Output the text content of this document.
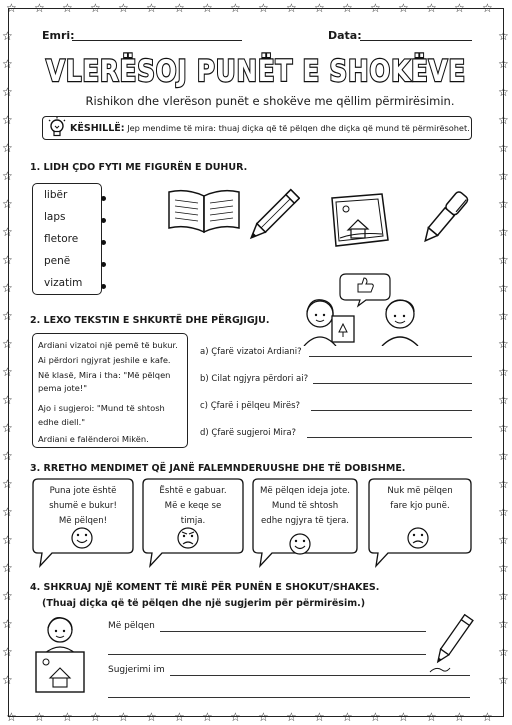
☆
☆
☆
☆
☆
☆
☆
☆
☆
☆
☆
☆
☆
☆
☆
☆
☆
☆
☆
☆
☆
☆
☆
☆
☆
☆
☆
☆
☆
☆
☆
☆
☆
☆
☆
☆
☆	☆
☆	☆
☆	☆
☆	☆
☆	☆
☆	☆
☆	☆
☆	☆
☆	☆
☆	☆
☆	☆
☆	☆
☆	☆
☆	☆
☆	☆
☆	☆
☆	☆
☆	☆
☆	☆
☆	☆
☆	☆
☆	☆
☆	☆
☆	☆
Emri:	Data:
VLERËSOJ PUNËT E SHOKËVE
Rishikon dhe vlerëson punët e shokëve me qëllim përmirësimin.
KËSHILLË: Jep mendime të mira: thuaj diçka që të pëlqen dhe diçka që mund të përmirësohet.
1. LIDH ÇDO FYTI ME FIGURËN E DUHUR.
libër
laps
fletore
penë
vizatim
2. LEXO TEKSTIN E SHKURTË DHE PËRGJIGJU.
Ardiani vizatoi një pemë të bukur.
Ai përdori ngjyrat jeshile e kafe.
Në klasë, Mira i tha: "Më pëlqen
pema jote!"
Ajo i sugjeroi: "Mund të shtosh
edhe diell."
Ardiani e falënderoi Mikën.
a) Çfarë vizatoi Ardiani?
b) Cilat ngjyra përdori ai?
c) Çfarë i pëlqeu Mirës?
d) Çfarë sugjeroi Mira?
3. RRETHO MENDIMET QË JANË FALEMNDERUUSHE DHE TË DOBISHME.
Puna jote është
shumë e bukur!
Më pëlqen!
Është e gabuar.
Më e keqe se
timja.
Më pëlqen ideja jote.
Mund të shtosh
edhe ngjyra të tjera.
Nuk më pëlqen
fare kjo punë.
4. SHKRUAJ NJË KOMENT TË MIRË PËR PUNËN E SHOKUT/SHAKES.
(Thuaj diçka që të pëlqen dhe një sugjerim për përmirësim.)
Më pëlqen
Sugjerimi im
